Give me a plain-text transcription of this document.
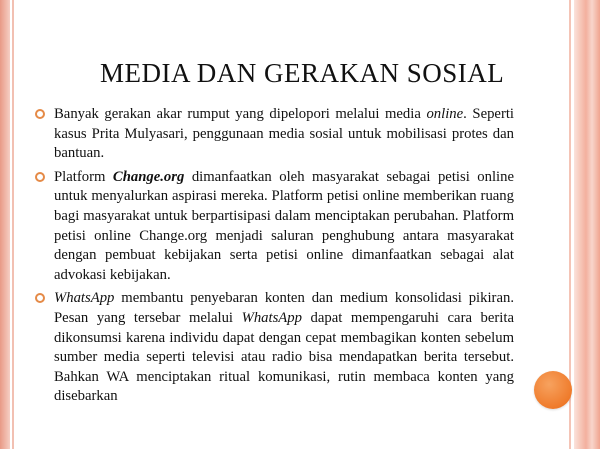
MEDIA DAN GERAKAN SOSIAL
Banyak gerakan akar rumput yang dipelopori melalui media online. Seperti kasus Prita Mulyasari, penggunaan media sosial untuk mobilisasi protes dan bantuan.
Platform Change.org dimanfaatkan oleh masyarakat sebagai petisi online untuk menyalurkan aspirasi mereka. Platform petisi online memberikan ruang bagi masyarakat untuk berpartisipasi dalam menciptakan perubahan. Platform petisi online Change.org menjadi saluran penghubung antara masyarakat dengan pembuat kebijakan serta petisi online dimanfaatkan sebagai alat advokasi kebijakan.
WhatsApp membantu penyebaran konten dan medium konsolidasi pikiran. Pesan yang tersebar melalui WhatsApp dapat mempengaruhi cara berita dikonsumsi karena individu dapat dengan cepat membagikan konten sebelum sumber media seperti televisi atau radio bisa mendapatkan berita tersebut. Bahkan WA menciptakan ritual komunikasi, rutin membaca konten yang disebarkan
